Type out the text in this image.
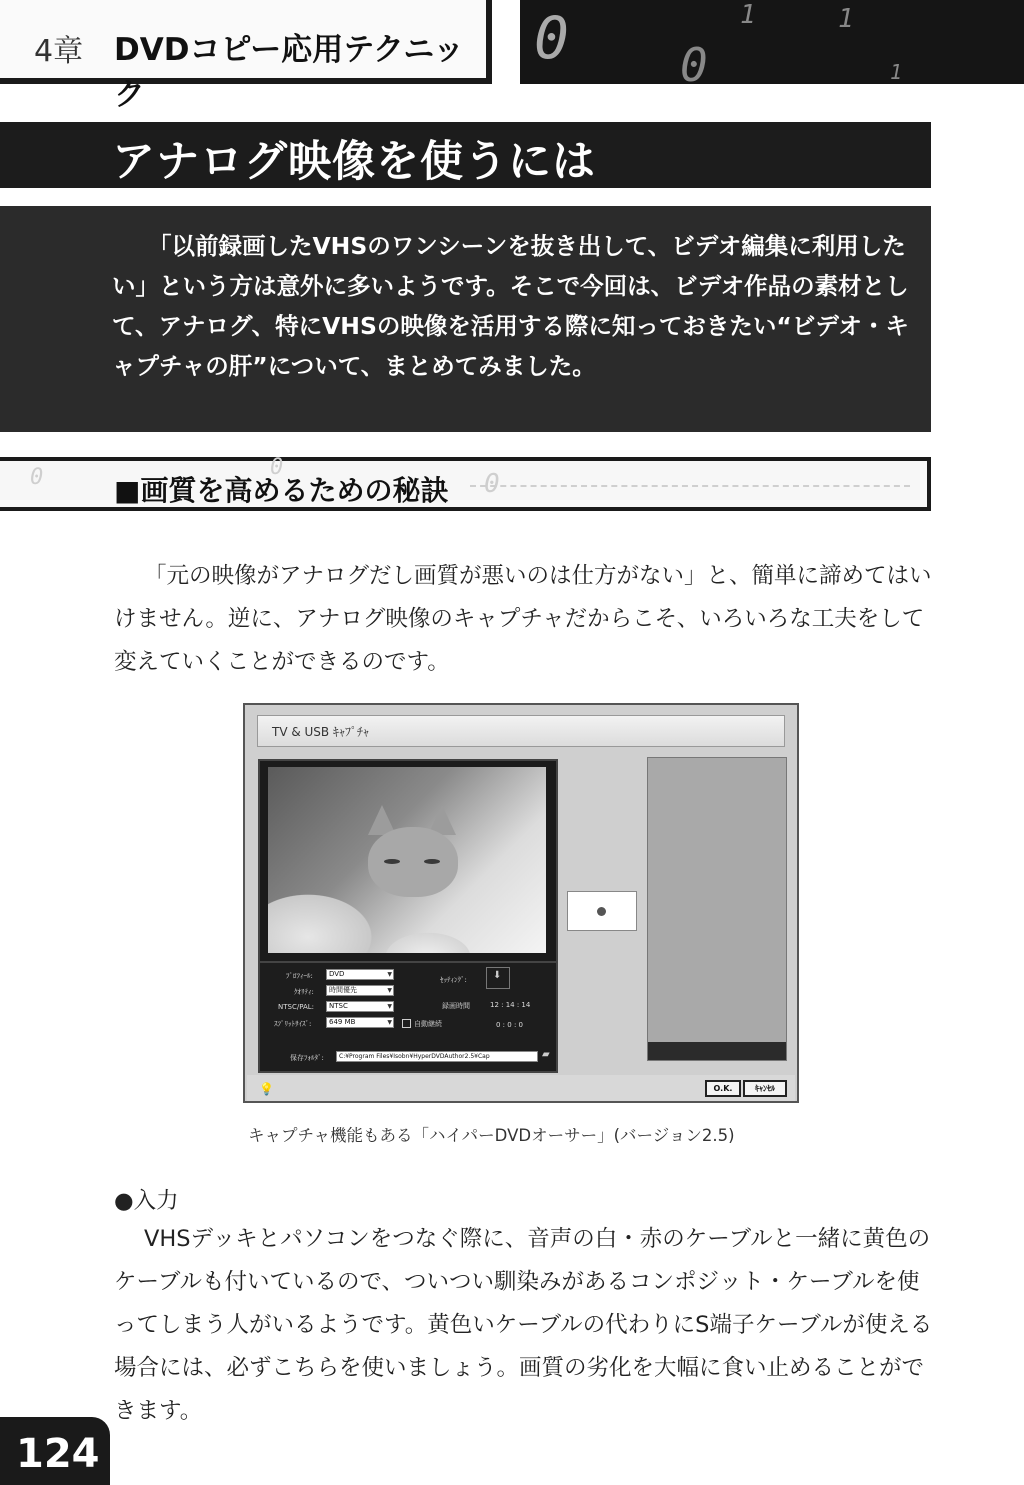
4章 DVDコピー応用テクニック
0 0
1	1
1
アナログ映像を使うには

「以前録画したVHSのワンシーンを抜き出して、ビデオ編集に利用したい」という方は意外に多いようです。そこで今回は、ビデオ作品の素材として、アナログ、特にVHSの映像を活用する際に知っておきたい“ビデオ・キャプチャの肝”について、まとめてみました。

0	0
0
■画質を高めるための秘訣

「元の映像がアナログだし画質が悪いのは仕方がない」と、簡単に諦めてはいけません。逆に、アナログ映像のキャプチャだからこそ、いろいろな工夫をして変えていくことができるのです。

TV & USB ｷｬﾌﾟﾁｬ
ﾌﾟﾛﾌｨｰﾙ:	DVD ▼
ｸｵﾘﾃｨ:	時間優先 ▼
NTSC/PAL:	NTSC ▼
ｽﾌﾟﾘｯﾄｻｲｽﾞ:	649 MB ▼
ｾｯﾃｨﾝｸﾞ:	⬇
録画時間	12 : 14 : 14
自動継続	0 : 0 : 0
保存ﾌｫﾙﾀﾞ:	C:¥Program Files¥Isobn¥HyperDVDAuthor2.5¥Cap	▰
💡	O.K.	ｷｬﾝｾﾙ
キャプチャ機能もある「ハイパーDVDオーサー」(バージョン2.5)
●入力

VHSデッキとパソコンをつなぐ際に、音声の白・赤のケーブルと一緒に黄色のケーブルも付いているので、ついつい馴染みがあるコンポジット・ケーブルを使ってしまう人がいるようです。黄色いケーブルの代わりにS端子ケーブルが使える場合には、必ずこちらを使いましょう。画質の劣化を大幅に食い止めることができます。

124
